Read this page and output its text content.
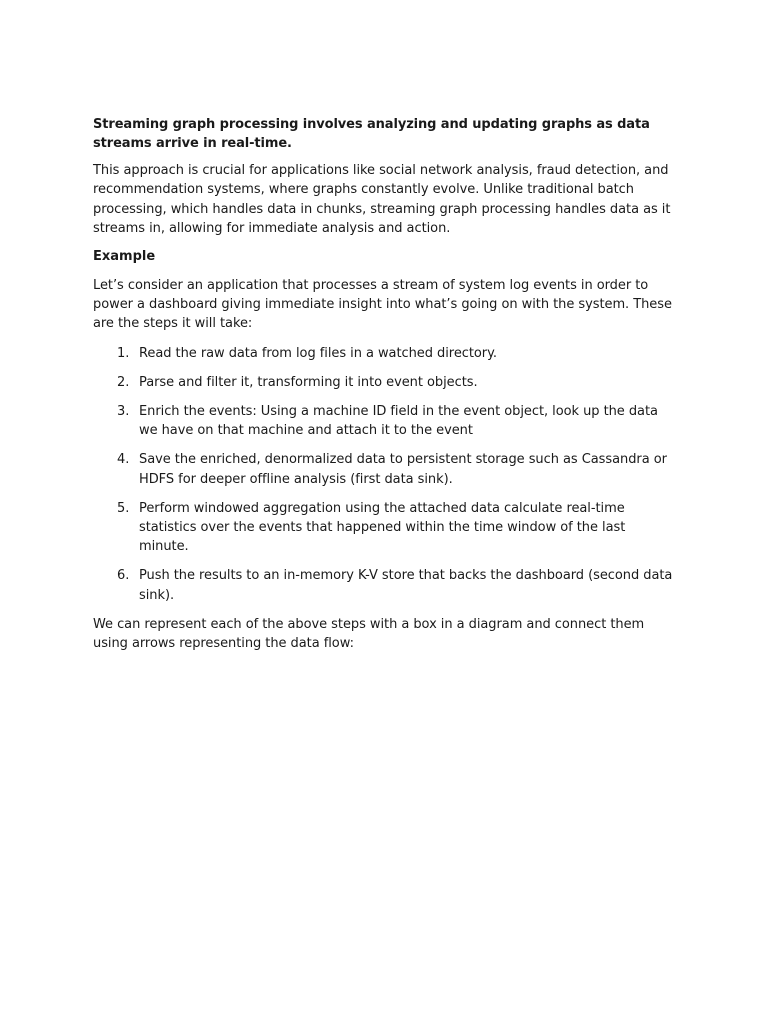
Streaming graph processing involves analyzing and updating graphs as data streams arrive in real-time.

This approach is crucial for applications like social network analysis, fraud detection, and recommendation systems, where graphs constantly evolve. Unlike traditional batch processing, which handles data in chunks, streaming graph processing handles data as it streams in, allowing for immediate analysis and action.

Example

Let’s consider an application that processes a stream of system log events in order to power a dashboard giving immediate insight into what’s going on with the system. These are the steps it will take:

1. Read the raw data from log files in a watched directory.
2. Parse and filter it, transforming it into event objects.
3. Enrich the events: Using a machine ID field in the event object, look up the data we have on that machine and attach it to the event
4. Save the enriched, denormalized data to persistent storage such as Cassandra or HDFS for deeper offline analysis (first data sink).
5. Perform windowed aggregation using the attached data calculate real-time statistics over the events that happened within the time window of the last minute.
6. Push the results to an in-memory K-V store that backs the dashboard (second data sink).

We can represent each of the above steps with a box in a diagram and connect them using arrows representing the data flow:
